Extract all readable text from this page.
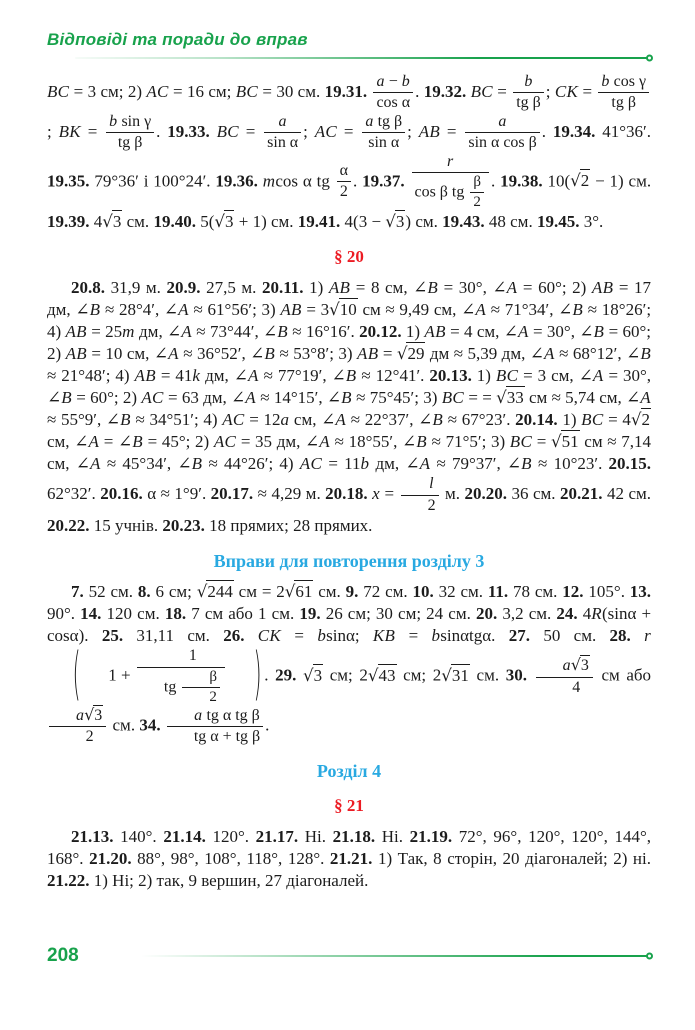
Відповіді та поради до вправ

BC = 3 см; 2) AC = 16 см; BC = 30 см. 19.31. $\frac{a - b}{\text{cos α}}$ . 19.32. BC = $\frac{b}{\text{tg β}}$ ; CK = $\frac{\text{b cos γ}}{\text{tg β}}$
; BK = $\frac{\text{b sin γ}}{\text{tg β}}$ . 19.33. BC = $\frac{a}{\text{sin α}}$ ; AC = $\frac{\text{a tg β}}{\text{sin α}}$ ; AB = $\frac{a}{\text{sin α cos β}}$ . 19.34. 41°36′. 19.35. 79°36′ і 100°24′. 19.36. mcos α tg $\frac{\alpha}{2}$ . 19.37. $\frac{r}{\cos \beta tg \frac{\beta}{2}}$ . 19.38. 10(√2 − 1) см. 19.39. 4√3 см. 19.40. 5(√3 + 1) см. 19.41. 4(3 − √3) см. 19.43. 48 см. 19.45. 3°.

§ 20

20.8. 31,9 м. 20.9. 27,5 м. 20.11. 1) AB = 8 см, ∠B = 30°, ∠A = 60°; 2) AB = 17 дм, ∠B ≈ 28°4′, ∠A ≈ 61°56′; 3) AB = 3√10 см ≈ 9,49 см, ∠A ≈ 71°34′, ∠B ≈ 18°26′; 4) AB = 25m дм, ∠A ≈ 73°44′, ∠B ≈ 16°16′. 20.12. 1) AB = 4 см, ∠A = 30°, ∠B = 60°; 2) AB = 10 см, ∠A ≈ 36°52′, ∠B ≈ 53°8′; 3) AB = √29 дм ≈ 5,39 дм, ∠A ≈ 68°12′, ∠B ≈ 21°48′; 4) AB = 41k дм, ∠A ≈ 77°19′, ∠B ≈ 12°41′. 20.13. 1) BC = 3 см, ∠A = 30°, ∠B = 60°; 2) AC = 63 дм, ∠A ≈ 14°15′, ∠B ≈ 75°45′; 3) BC = = √33 см ≈ 5,74 см, ∠A ≈ 55°9′, ∠B ≈ 34°51′; 4) AC = 12a см, ∠A ≈ 22°37′, ∠B ≈ 67°23′. 20.14. 1) BC = 4√2 см, ∠A = ∠B = 45°; 2) AC = 35 дм, ∠A ≈ 18°55′, ∠B ≈ 71°5′; 3) BC = √51 см ≈ 7,14 см, ∠A ≈ 45°34′, ∠B ≈ 44°26′; 4) AC = 11b дм, ∠A ≈ 79°37′, ∠B ≈ 10°23′. 20.15. 62°32′. 20.16. α ≈ 1°9′. 20.17. ≈ 4,29 м. 20.18. $x = \frac{l}{2} м$. 20.20. 36 см. 20.21. 42 см. 20.22. 15 учнів. 20.23. 18 прямих; 28 прямих.

Вправи для повторення розділу 3

7. 52 см. 8. 6 см; √244 см = 2√61 см. 9. 72 см. 10. 32 см. 11. 78 см. 12. 105°. 13. 90°. 14. 120 см. 18. 7 см або 1 см. 19. 26 см; 30 см; 24 см. 20. 3,2 см. 24. 4R(sinα + cosα). 25. 31,11 см. 26. CK = bsinα; KB = bsinαtgα. 27. 50 см. 28. r
(	$1 + \frac{1}{tg \frac{\beta}{2}}$	) . 29. √3 см; 2√43 см; 2√31 см. 30. $\frac{a√3}{4}$ см або
$\frac{a√3}{2}$ см. 34. $\frac{\text{a tg α tg β}}{\text{tg α + tg β}}$ .

Розділ 4
§ 21

21.13. 140°. 21.14. 120°. 21.17. Ні. 21.18. Ні. 21.19. 72°, 96°, 120°, 120°, 144°, 168°. 21.20. 88°, 98°, 108°, 118°, 128°. 21.21. 1) Так, 8 сторін, 20 діагоналей; 2) ні. 21.22. 1) Ні; 2) так, 9 вершин, 27 діагоналей.

208
